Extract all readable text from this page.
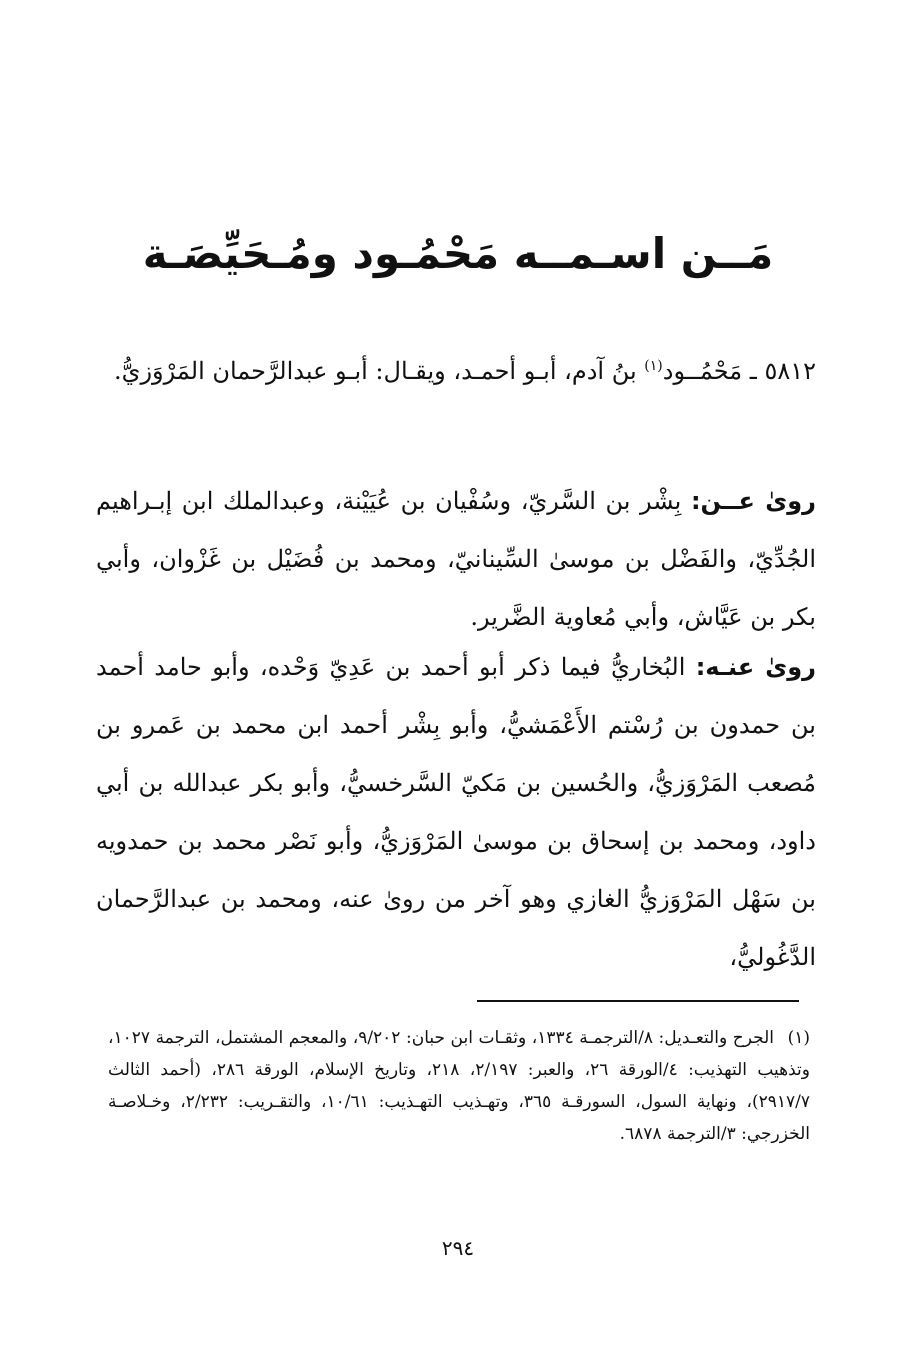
مَــن اسـمــه مَحْمُـود ومُـحَيِّصَـة

٥٨١٢ ـ مَحْمُــود$^{(١)}$ بنُ آدم، أبـو أحمـد، ويقـال: أبـو عبدالرَّحمان المَرْوَزيُّ.

روىٰ عــن: بِشْر بن السَّريّ، وسُفْيان بن عُيَيْنة، وعبدالملك ابن إبـراهيم الجُدِّيّ، والفَضْل بن موسىٰ السِّينانيّ، ومحمد بن فُضَيْل بن غَزْوان، وأبي بكر بن عَيَّاش، وأبي مُعاوية الضَّرير.

روىٰ عنـه: البُخاريُّ فيما ذكر أبو أحمد بن عَدِيّ وَحْده، وأبو حامد أحمد بن حمدون بن رُسْتم الأَعْمَشيُّ، وأبو بِشْر أحمد ابن محمد بن عَمرو بن مُصعب المَرْوَزيُّ، والحُسين بن مَكيّ السَّرخسيُّ، وأبو بكر عبدالله بن أبي داود، ومحمد بن إسحاق بن موسىٰ المَرْوَزيُّ، وأبو نَصْر محمد بن حمدويه بن سَهْل المَرْوَزيُّ الغازي وهو آخر من روىٰ عنه، ومحمد بن عبدالرَّحمان الدَّغُوليُّ،

(١)الجرح والتعـديل: ٨/الترجمـة ١٣٣٤، وثقـات ابن حبان: ٩/٢٠٢، والمعجم المشتمل، الترجمة ١٠٢٧، وتذهيب التهذيب: ٤/الورقة ٢٦، والعبر: ٢/١٩٧، ٢١٨، وتاريخ الإسلام، الورقة ٢٨٦، (أحمد الثالث ٢٩١٧/٧)، ونهاية السول، السورقـة ٣٦٥، وتهـذيب التهـذيب: ١٠/٦١، والتقـريب: ٢/٢٣٢، وخـلاصـة الخزرجي: ٣/الترجمة ٦٨٧٨.

٢٩٤
